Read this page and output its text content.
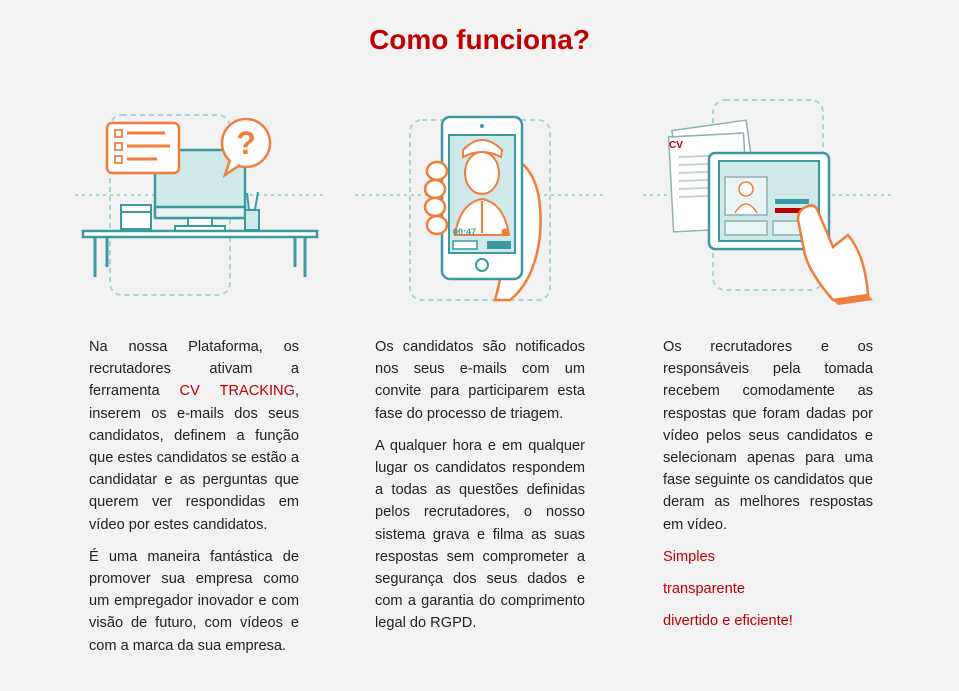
Como funciona?
?
00:47
CV

Na nossa Plataforma, os recrutadores ativam a ferramenta CV TRACKING, inserem os e-mails dos seus candidatos, definem a função que estes candidatos se estão a candidatar e as perguntas que querem ver respondidas em vídeo por estes candidatos.

É uma maneira fantástica de promover sua empresa como um empregador inovador e com visão de futuro, com vídeos e com a marca da sua empresa.

Os candidatos são notificados nos seus e-mails com um convite para participarem esta fase do processo de triagem.

A qualquer hora e em qualquer lugar os candidatos respondem a todas as questões definidas pelos recrutadores, o nosso sistema grava e filma as suas respostas sem comprometer a segurança dos seus dados e com a garantia do comprimento legal do RGPD.

Os recrutadores e os responsáveis pela tomada recebem comodamente as respostas que foram dadas por vídeo pelos seus candidatos e selecionam apenas para uma fase seguinte os candidatos que deram as melhores respostas em vídeo.

Simples

transparente

divertido e eficiente!
